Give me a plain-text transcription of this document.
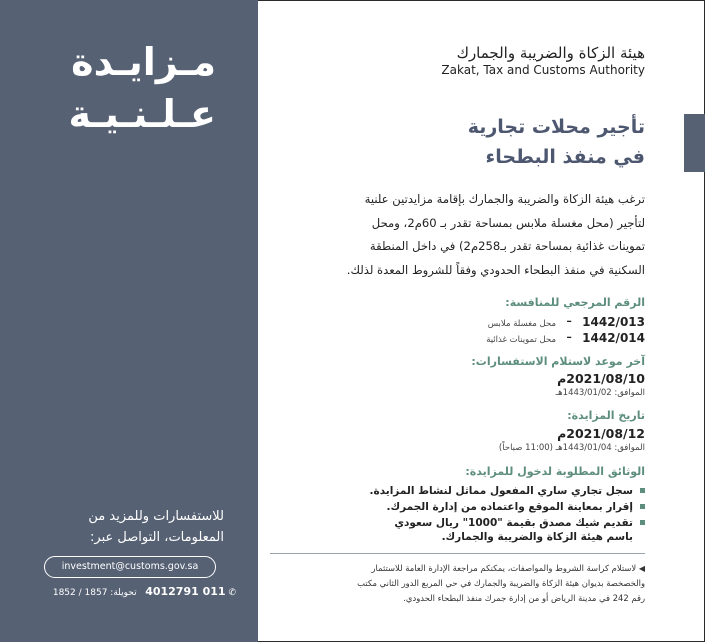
مـزايـدة
عـلـنـيـة
للاستفسارات وللمزيد من
المعلومات، التواصل عبر:
investment@customs.gov.sa
✆ 011 4012791   تحويلة: 1857 / 1852
هيئة الزكاة والضريبة والجمارك
Zakat, Tax and Customs Authority
تأجير محلات تجارية
في منفذ البطحاء
ترغب هيئة الزكاة والضريبة والجمارك بإقامة مزايدتين علنية
لتأجير (محل مغسلة ملابس بمساحة تقدر بـ 60م2، ومحل
تموينات غذائية بمساحة تقدر بـ258م2) في داخل المنطقة
السكنية في منفذ البطحاء الحدودي وفقاً للشروط المعدة لذلك.
الرقم المرجعي للمنافسة:
1442/013  -  محل مغسلة ملابس
1442/014  -  محل تموينات غذائية
آخر موعد لاستلام الاستفسارات:
2021/08/10م
الموافق: 1443/01/02هـ
تاريخ المزايدة:
2021/08/12م
الموافق: 1443/01/04هـ (11:00 صباحاً)
الوثائق المطلوبة لدخول للمزايدة:
سجل تجاري ساري المفعول مماثل لنشاط المزايدة.
إقرار بمعاينة الموقع واعتماده من إدارة الجمرك.
تقديم شيك مصدق بقيمة "1000" ريال سعودي
باسم هيئة الزكاة والضريبة والجمارك.
◀ لاستلام كراسة الشروط والمواصفات، يمكنكم مراجعة الإدارة العامة للاستثمار
والخصخصة بديوان هيئة الزكاة والضريبة والجمارك في حي المربع الدور الثاني مكتب
رقم 242 في مدينة الرياض أو من إدارة جمرك منفذ البطحاء الحدودي.
